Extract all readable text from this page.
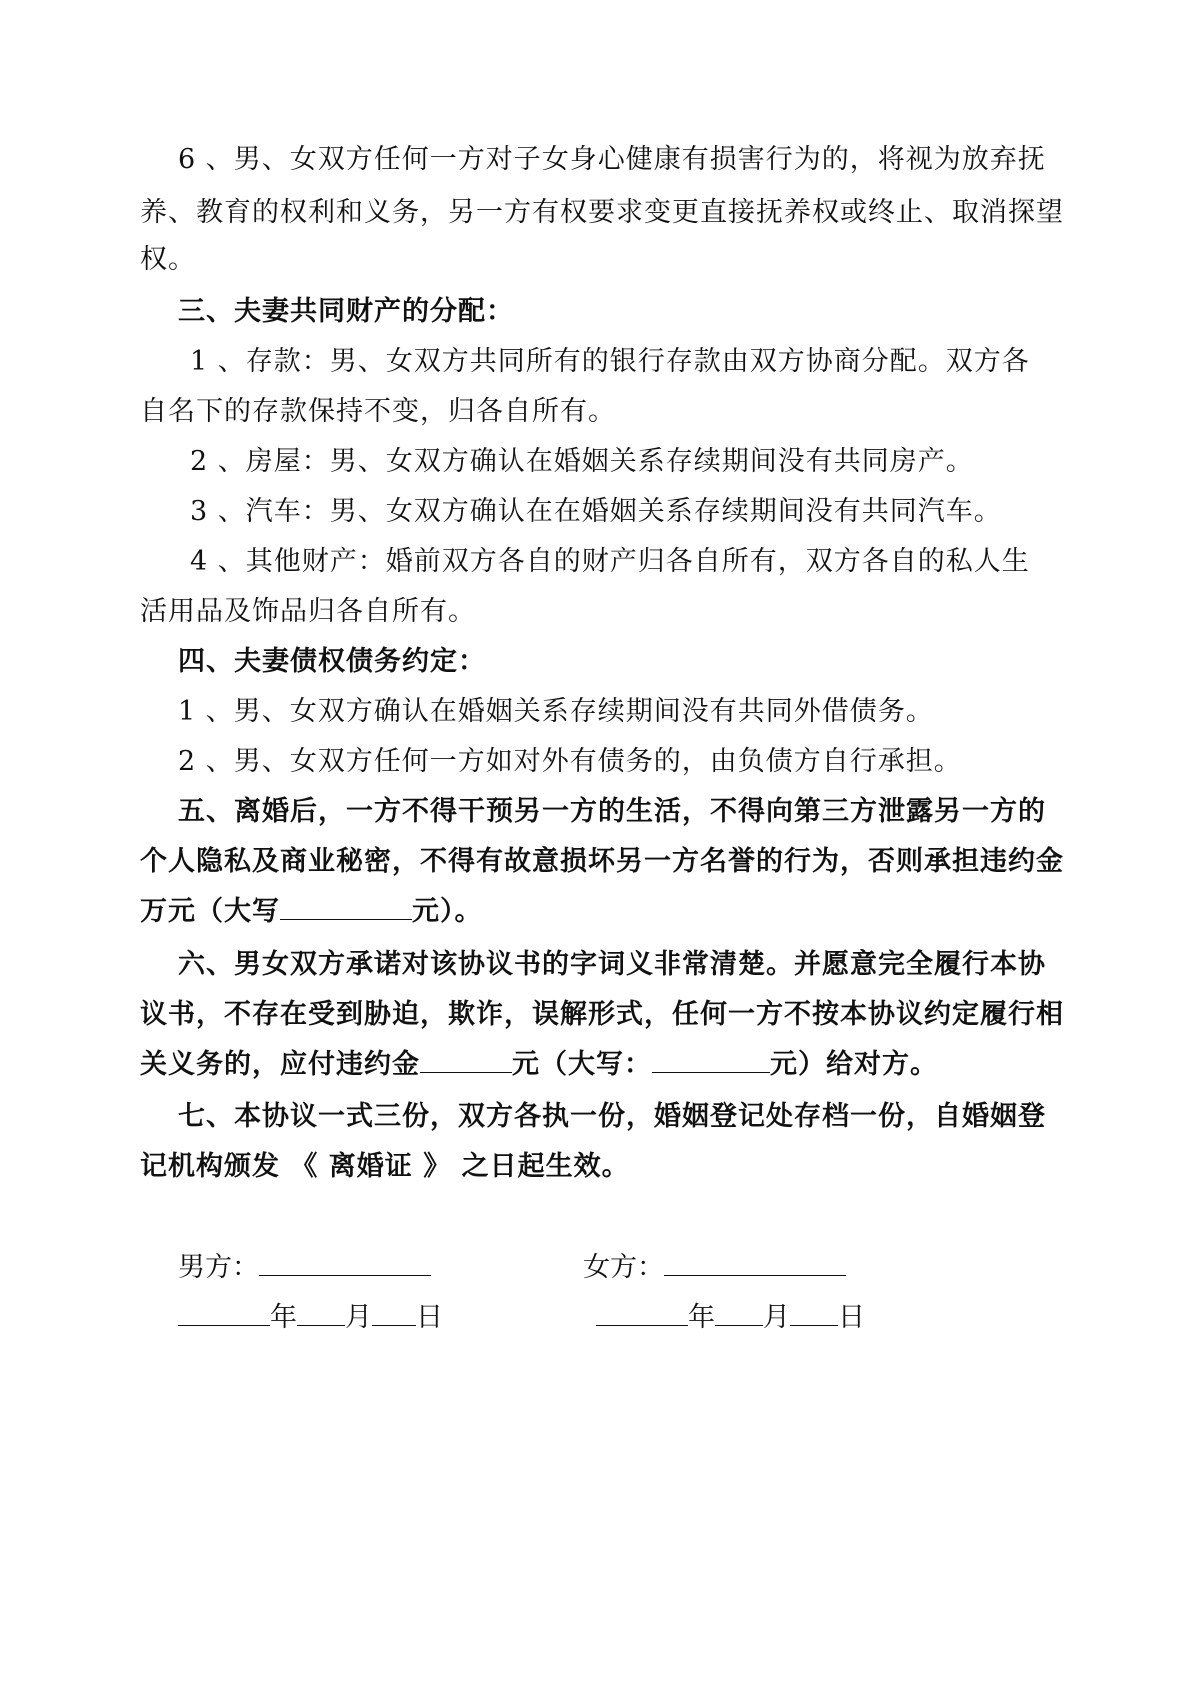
6 、男、女双方任何一方对子女身心健康有损害行为的，将视为放弃抚
养、教育的权利和义务，另一方有权要求变更直接抚养权或终止、取消探望
权。
三、夫妻共同财产的分配：
1 、存款：男、女双方共同所有的银行存款由双方协商分配。双方各
自名下的存款保持不变，归各自所有。
2 、房屋：男、女双方确认在婚姻关系存续期间没有共同房产。
3 、汽车：男、女双方确认在在婚姻关系存续期间没有共同汽车。
4 、其他财产：婚前双方各自的财产归各自所有，双方各自的私人生
活用品及饰品归各自所有。
四、夫妻债权债务约定：
1 、男、女双方确认在婚姻关系存续期间没有共同外借债务。
2 、男、女双方任何一方如对外有债务的，由负债方自行承担。
五、离婚后，一方不得干预另一方的生活，不得向第三方泄露另一方的
个人隐私及商业秘密，不得有故意损坏另一方名誉的行为，否则承担违约金
万元（大写	元）。
六、男女双方承诺对该协议书的字词义非常清楚。并愿意完全履行本协
议书，不存在受到胁迫，欺诈，误解形式，任何一方不按本协议约定履行相
关义务的，应付违约金	元（大写：	元）给对方。
七、本协议一式三份，双方各执一份，婚姻登记处存档一份，自婚姻登
记机构颁发 《 离婚证 》 之日起生效。
男方：	女方：
年 月 日	年 月 日
